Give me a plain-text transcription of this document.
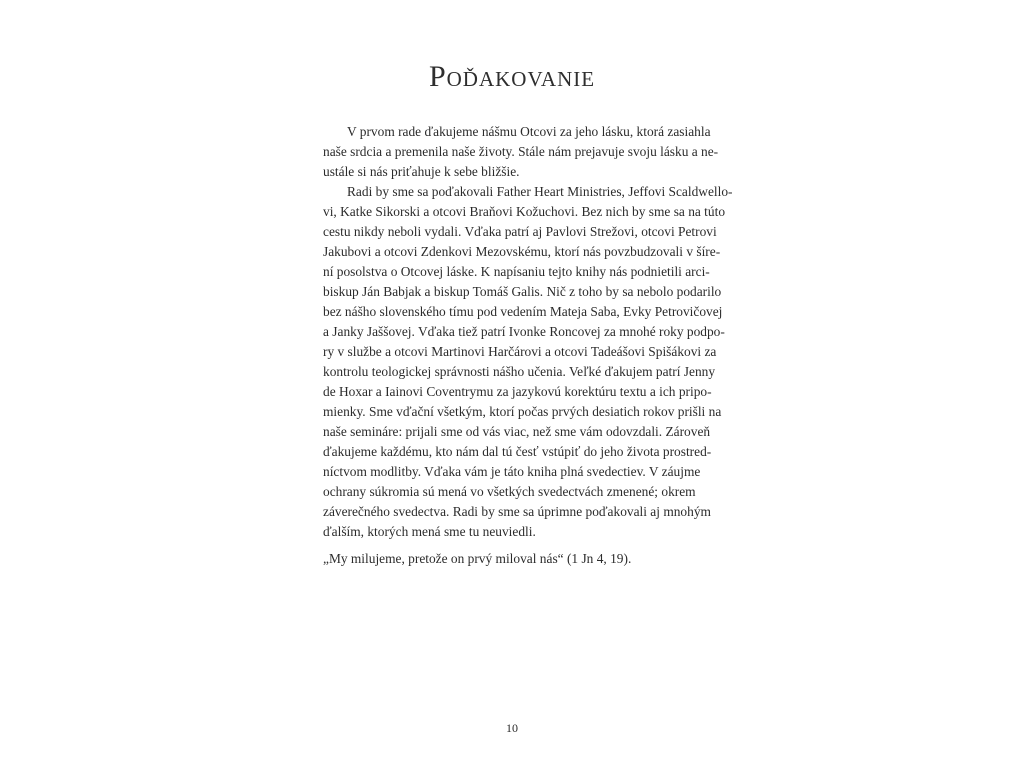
Poďakovanie
V prvom rade ďakujeme nášmu Otcovi za jeho lásku, ktorá zasiahla
naše srdcia a premenila naše životy. Stále nám prejavuje svoju lásku a ne-
ustále si nás priťahuje k sebe bližšie.
Radi by sme sa poďakovali Father Heart Ministries, Jeffovi Scaldwello-
vi, Katke Sikorski a otcovi Braňovi Kožuchovi. Bez nich by sme sa na túto
cestu nikdy neboli vydali. Vďaka patrí aj Pavlovi Strežovi, otcovi Petrovi
Jakubovi a otcovi Zdenkovi Mezovskému, ktorí nás povzbudzovali v šíre-
ní posolstva o Otcovej láske. K napísaniu tejto knihy nás podnietili arci-
biskup Ján Babjak a biskup Tomáš Galis. Nič z toho by sa nebolo podarilo
bez nášho slovenského tímu pod vedením Mateja Saba, Evky Petrovičovej
a Janky Jaššovej. Vďaka tiež patrí Ivonke Roncovej za mnohé roky podpo-
ry v službe a otcovi Martinovi Harčárovi a otcovi Tadeášovi Spišákovi za
kontrolu teologickej správnosti nášho učenia. Veľké ďakujem patrí Jenny
de Hoxar a Iainovi Coventrymu za jazykovú korektúru textu a ich pripo-
mienky. Sme vďační všetkým, ktorí počas prvých desiatich rokov prišli na
naše semináre: prijali sme od vás viac, než sme vám odovzdali. Zároveň
ďakujeme každému, kto nám dal tú česť vstúpiť do jeho života prostred-
níctvom modlitby. Vďaka vám je táto kniha plná svedectiev. V záujme
ochrany súkromia sú mená vo všetkých svedectvách zmenené; okrem
záverečného svedectva. Radi by sme sa úprimne poďakovali aj mnohým
ďalším, ktorých mená sme tu neuviedli.
„My milujeme, pretože on prvý miloval nás“ (1 Jn 4, 19).
10
